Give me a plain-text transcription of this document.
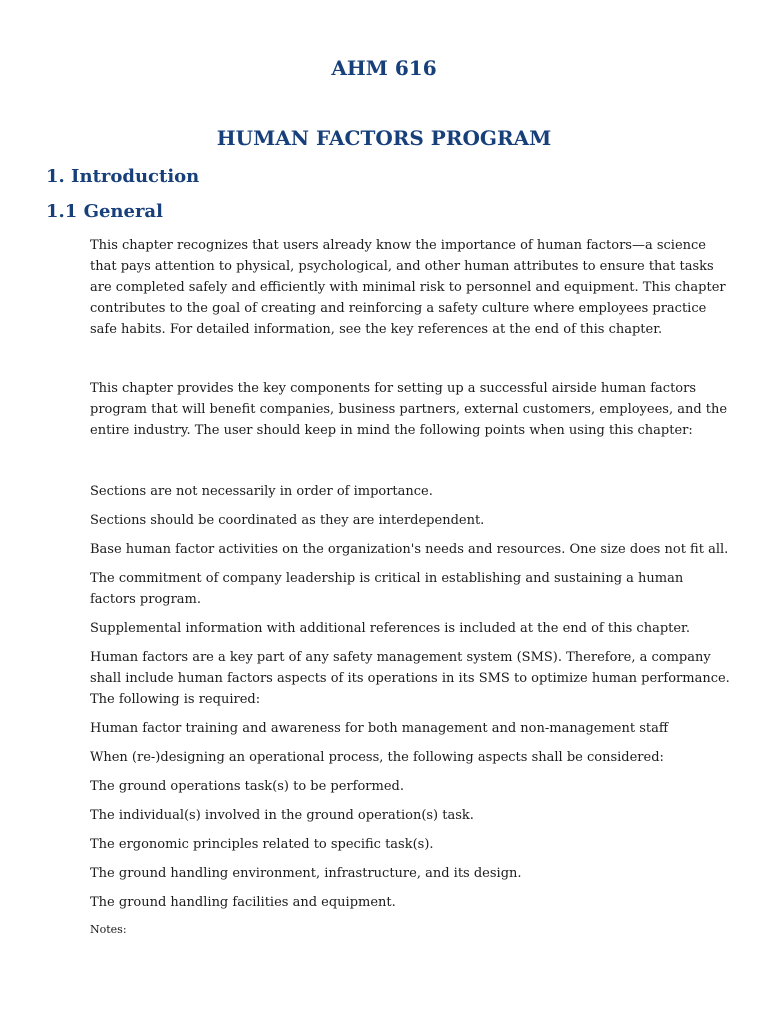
AHM 616
HUMAN FACTORS PROGRAM
1. Introduction
1.1 General

This chapter recognizes that users already know the importance of human factors—a science that pays attention to physical, psychological, and other human attributes to ensure that tasks are completed safely and efficiently with minimal risk to personnel and equipment. This chapter contributes to the goal of creating and reinforcing a safety culture where employees practice safe habits. For detailed information, see the key references at the end of this chapter.

This chapter provides the key components for setting up a successful airside human factors program that will benefit companies, business partners, external customers, employees, and the entire industry. The user should keep in mind the following points when using this chapter:

Sections are not necessarily in order of importance.

Sections should be coordinated as they are interdependent.

Base human factor activities on the organization's needs and resources. One size does not fit all.

The commitment of company leadership is critical in establishing and sustaining a human factors program.

Supplemental information with additional references is included at the end of this chapter.

Human factors are a key part of any safety management system (SMS). Therefore, a company shall include human factors aspects of its operations in its SMS to optimize human performance. The following is required:

Human factor training and awareness for both management and non-management staff

When (re-)designing an operational process, the following aspects shall be considered:

The ground operations task(s) to be performed.

The individual(s) involved in the ground operation(s) task.

The ergonomic principles related to specific task(s).

The ground handling environment, infrastructure, and its design.

The ground handling facilities and equipment.

Notes:
